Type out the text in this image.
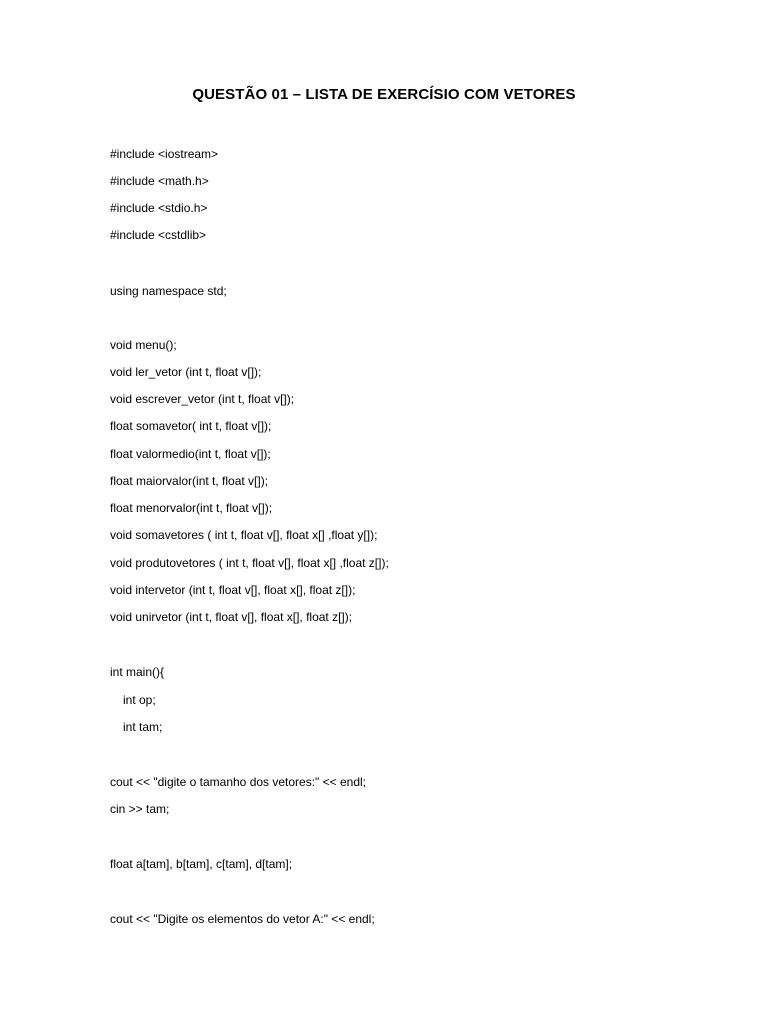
QUESTÃO 01 – LISTA DE EXERCÍSIO COM VETORES
#include <iostream>
#include <math.h>
#include <stdio.h>
#include <cstdlib>
using namespace std;
void menu();
void ler_vetor (int t, float v[]);
void escrever_vetor (int t, float v[]);
float somavetor( int t, float v[]);
float valormedio(int t, float v[]);
float maiorvalor(int t, float v[]);
float menorvalor(int t, float v[]);
void somavetores ( int t, float v[], float x[] ,float y[]);
void produtovetores ( int t, float v[], float x[] ,float z[]);
void intervetor (int t, float v[], float x[], float z[]);
void unirvetor (int t, float v[], float x[], float z[]);
int main(){
int op;
int tam;
cout << "digite o tamanho dos vetores:" << endl;
cin >> tam;
float a[tam], b[tam], c[tam], d[tam];
cout << "Digite os elementos do vetor A:" << endl;
